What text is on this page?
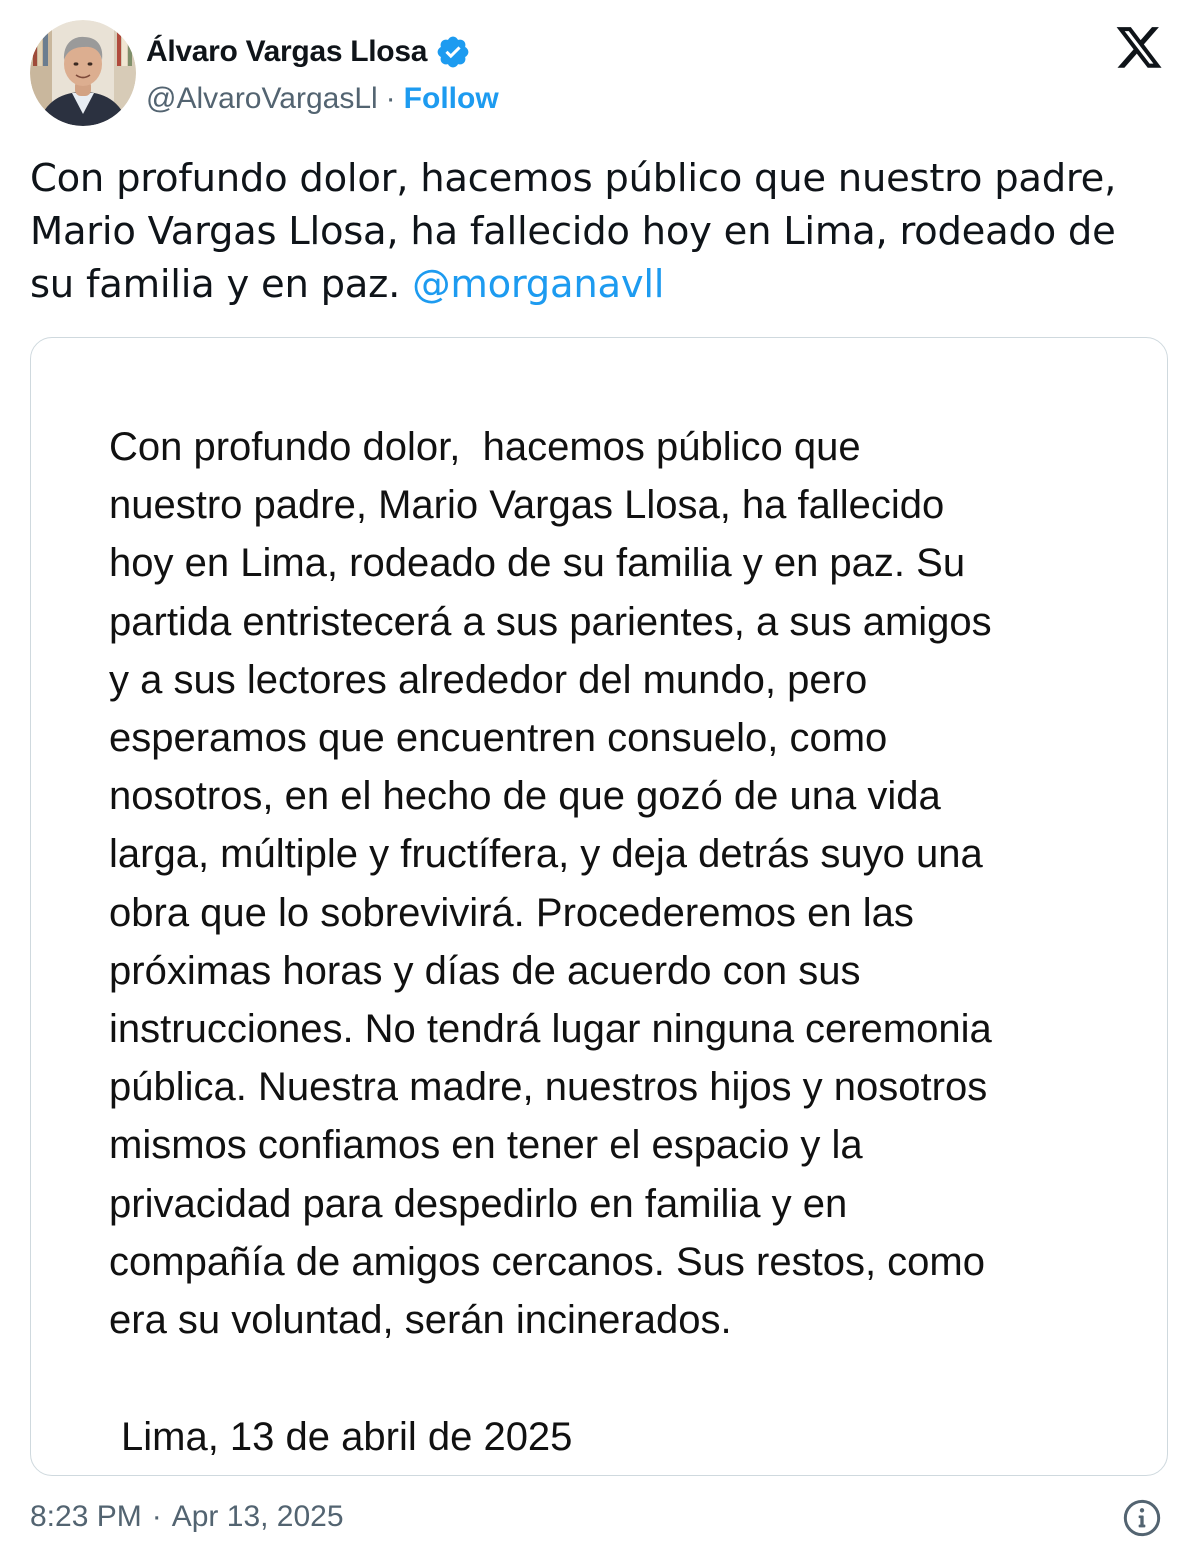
Álvaro Vargas Llosa
@AlvaroVargasLl · Follow
Con profundo dolor, hacemos público que nuestro padre,
Mario Vargas Llosa, ha fallecido hoy en Lima, rodeado de
su familia y en paz. @morganavll
Con profundo dolor,  hacemos público que
nuestro padre, Mario Vargas Llosa, ha fallecido
hoy en Lima, rodeado de su familia y en paz. Su
partida entristecerá a sus parientes, a sus amigos
y a sus lectores alrededor del mundo, pero
esperamos que encuentren consuelo, como
nosotros, en el hecho de que gozó de una vida
larga, múltiple y fructífera, y deja detrás suyo una
obra que lo sobrevivirá. Procederemos en las
próximas horas y días de acuerdo con sus
instrucciones. No tendrá lugar ninguna ceremonia
pública. Nuestra madre, nuestros hijos y nosotros
mismos confiamos en tener el espacio y la
privacidad para despedirlo en familia y en
compañía de amigos cercanos. Sus restos, como
era su voluntad, serán incinerados.
Lima, 13 de abril de 2025
8:23 PM · Apr 13, 2025
